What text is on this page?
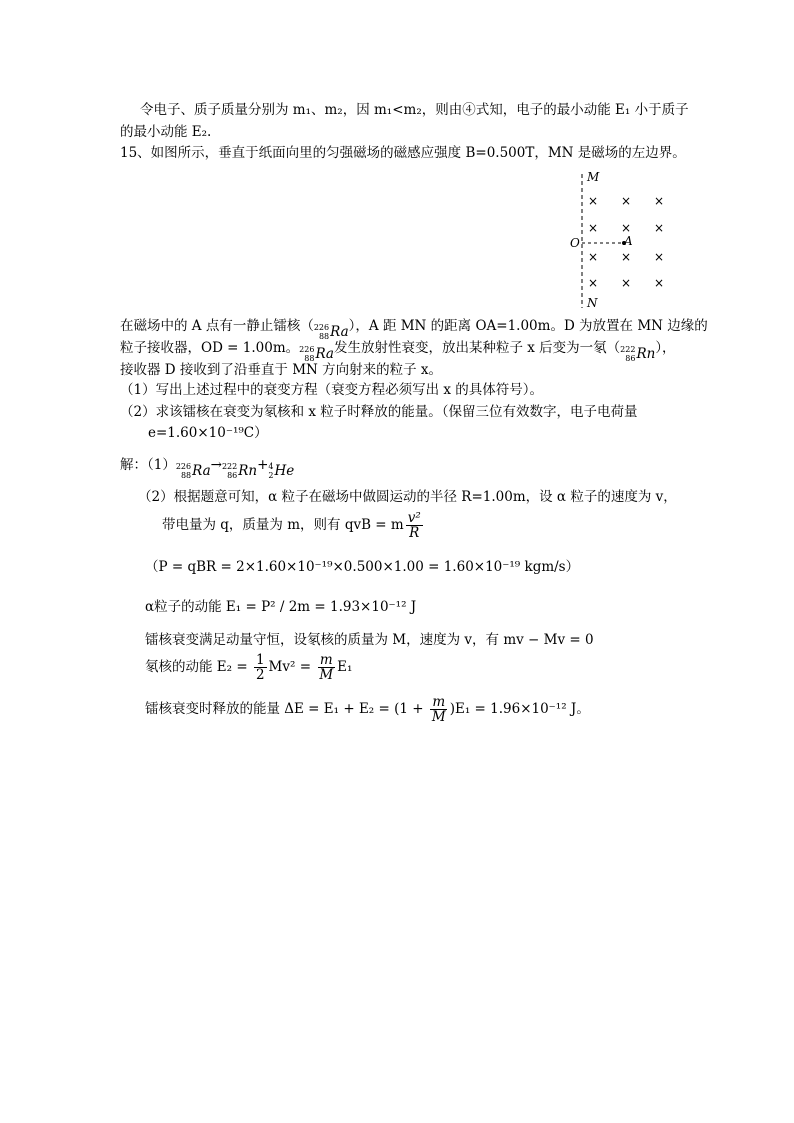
令电子、质子质量分别为 m₁、m₂，因 m₁<m₂，则由④式知，电子的最小动能 E₁ 小于质子
的最小动能 E₂.
15、如图所示，垂直于纸面向里的匀强磁场的磁感应强度 B=0.500T，MN 是磁场的左边界。
M
N
O	A
× × ×
× × ×
× × ×
× × ×
在磁场中的 A 点有一静止镭核（ 226
88 Ra ），A 距 MN 的距离 OA=1.00m。D 为放置在 MN 边缘的
粒子接收器，OD = 1.00m。 226
88 Ra 发生放射性衰变，放出某种粒子 x 后变为一氡（ 222
86 Rn ），
接收器 D 接收到了沿垂直于 MN 方向射来的粒子 x。
（1）写出上述过程中的衰变方程（衰变方程必须写出 x 的具体符号）。
（2）求该镭核在衰变为氡核和 x 粒子时释放的能量。（保留三位有效数字，电子电荷量
e=1.60×10⁻¹⁹C）
解：（1） 226
88 Ra → 222
86 Rn + 4
2 He
（2）根据题意可知，α 粒子在磁场中做圆运动的半径 R=1.00m，设 α 粒子的速度为 v，
带电量为 q，质量为 m，则有 qvB = m $\frac{\text{v²}}{R}$
（P = qBR = 2×1.60×10⁻¹⁹×0.500×1.00 = 1.60×10⁻¹⁹ kgm/s）
α粒子的动能 E₁ = P² / 2m = 1.93×10⁻¹² J
镭核衰变满足动量守恒，设氡核的质量为 M，速度为 v，有 mv − Mv = 0
氡核的动能 $E_2 = \frac{1}{2} Mv^2 = \frac{m}{M} E_1$
镭核衰变时释放的能量 $\Delta E = E_1 + E_2 = (1 + \frac{m}{M} )E_1 = 1.96\times 10^{-12}$ J。
